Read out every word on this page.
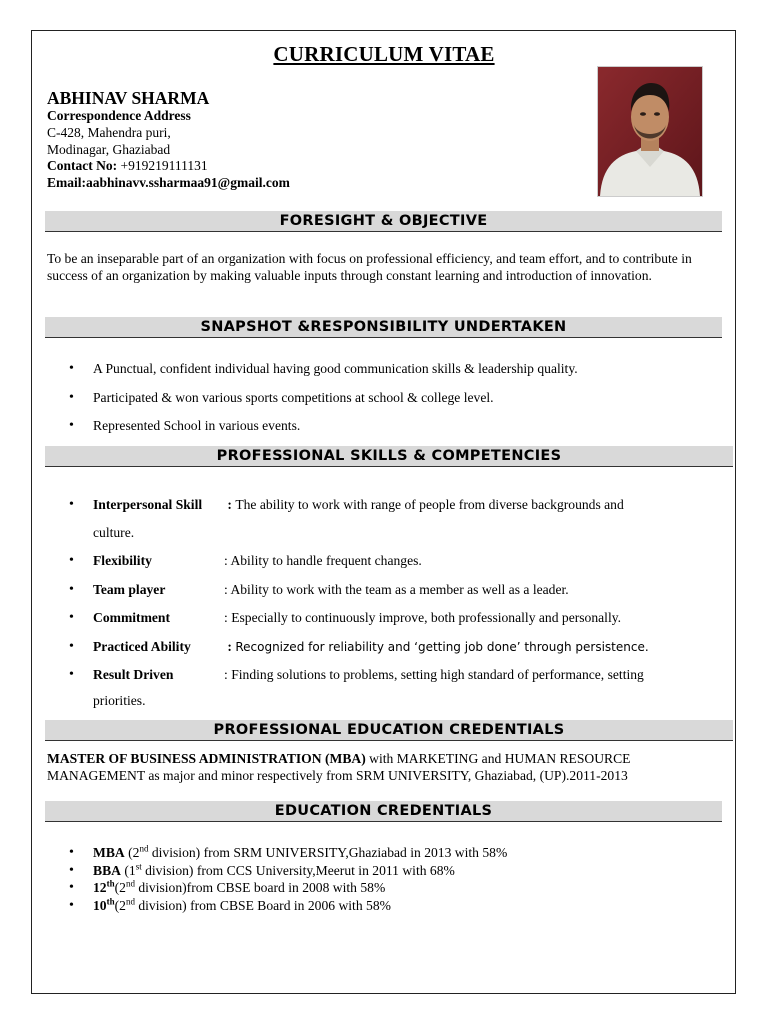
CURRICULUM VITAE
ABHINAV SHARMA
Correspondence Address
C-428, Mahendra puri,
Modinagar, Ghaziabad
Contact No: +919219111131
Email:aabhinavv.ssharmaa91@gmail.com
FORESIGHT & OBJECTIVE
To be an inseparable part of an organization with focus on professional efficiency, and team effort, and to contribute in success of an organization by making valuable inputs through constant learning and introduction of innovation.
SNAPSHOT &RESPONSIBILITY UNDERTAKEN
• A Punctual, confident individual having good communication skills & leadership quality.
• Participated & won various sports competitions at school & college level.
• Represented School in various events.
PROFESSIONAL SKILLS & COMPETENCIES
• Interpersonal Skill : The ability to work with range of people from diverse backgrounds and
culture.
• Flexibility	: Ability to handle frequent changes.
• Team player	: Ability to work with the team as a member as well as a leader.
• Commitment	: Especially to continuously improve, both professionally and personally.
• Practiced Ability : Recognized for reliability and ‘getting job done’ through persistence.
• Result Driven	: Finding solutions to problems, setting high standard of performance, setting
priorities.
PROFESSIONAL EDUCATION CREDENTIALS
MASTER OF BUSINESS ADMINISTRATION (MBA) with MARKETING and HUMAN RESOURCE
MANAGEMENT as major and minor respectively from SRM UNIVERSITY, Ghaziabad, (UP).2011-2013
EDUCATION CREDENTIALS
• MBA (2nd division) from SRM UNIVERSITY,Ghaziabad in 2013 with 58%
• BBA (1st division) from CCS University,Meerut in 2011 with 68%
• 12th(2nd division)from CBSE board in 2008 with 58%
• 10th(2nd division) from CBSE Board in 2006 with 58%
